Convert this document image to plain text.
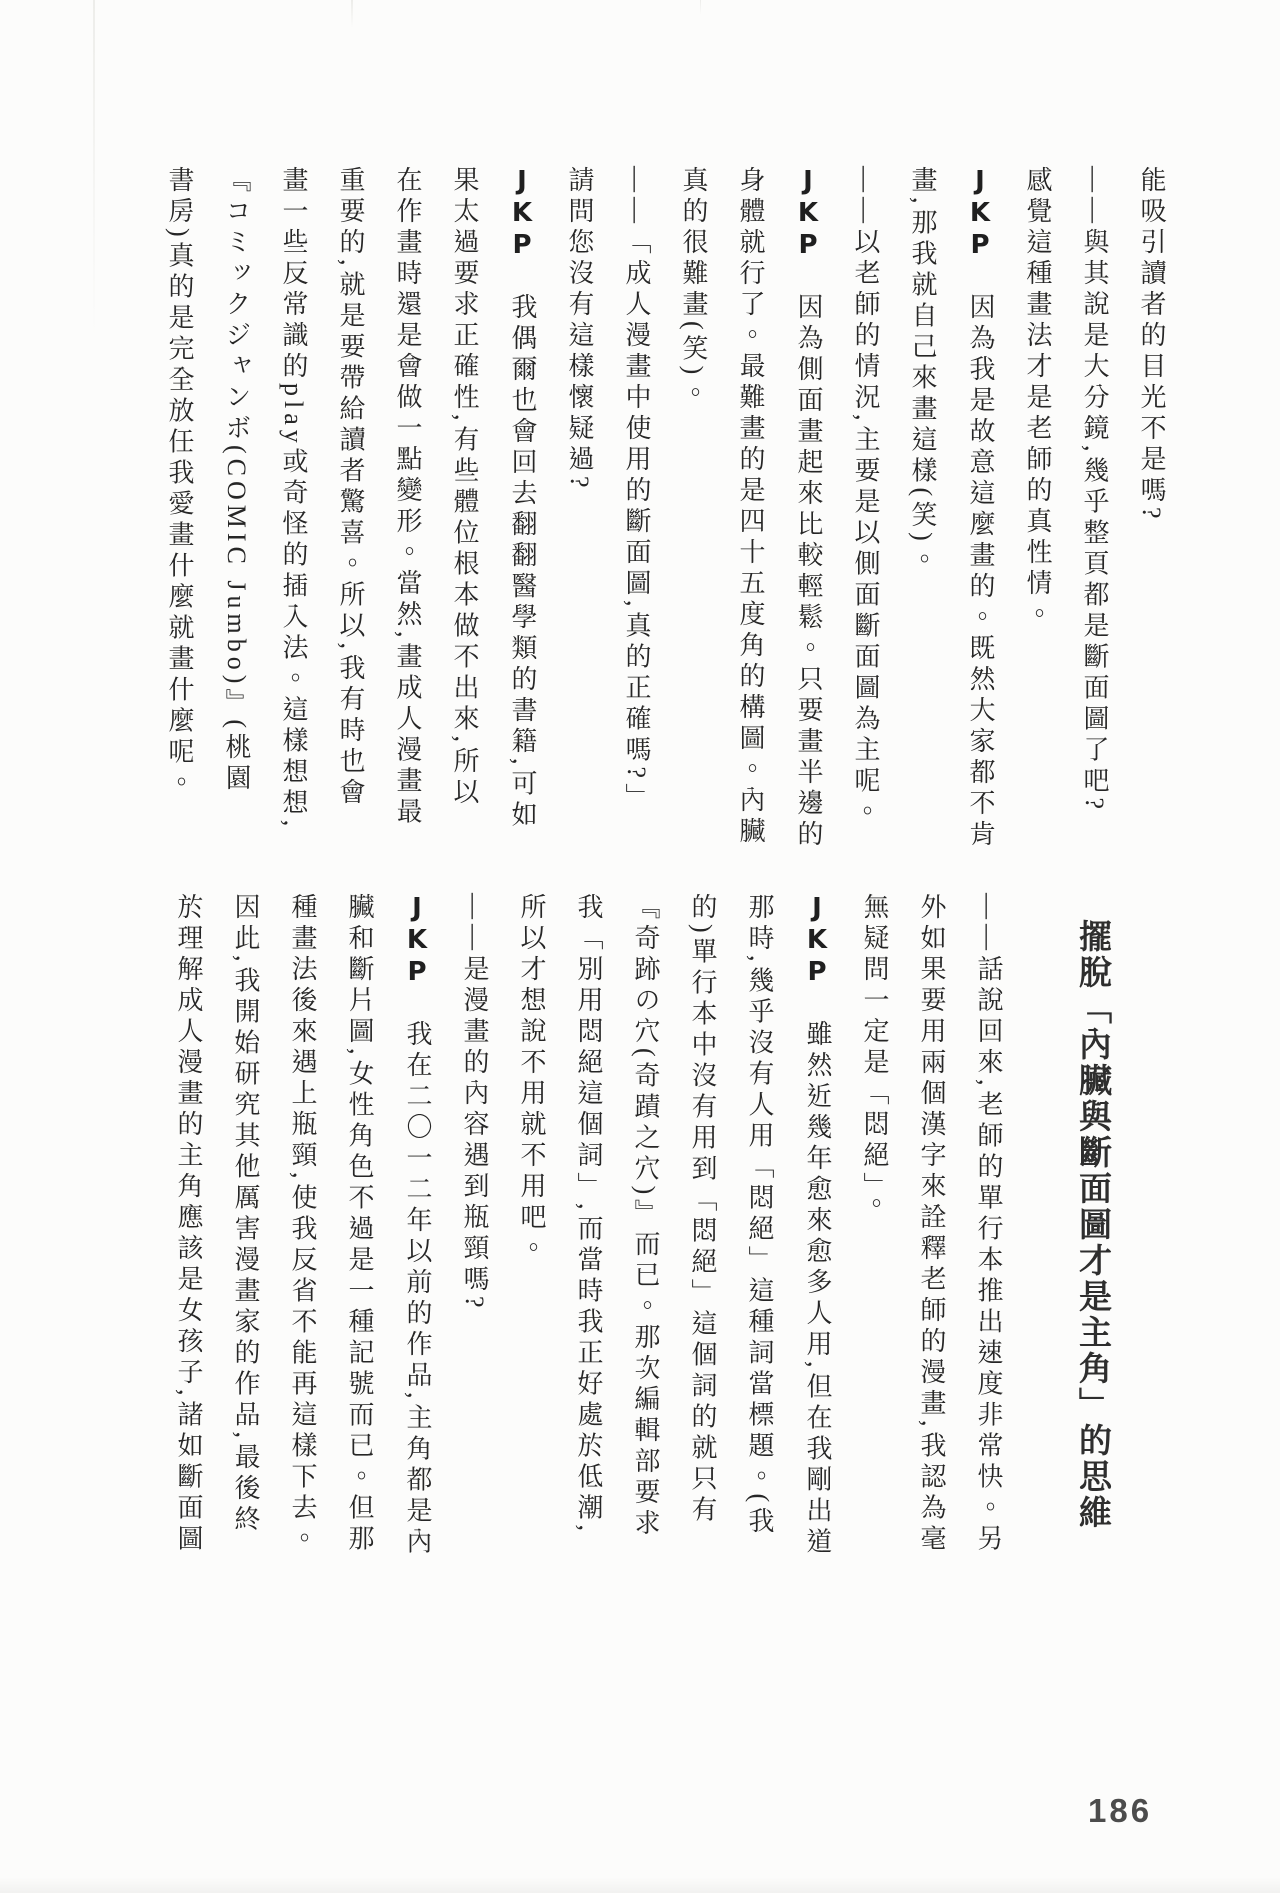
能吸引讀者的目光不是嗎?
——與其說是大分鏡,幾乎整頁都是斷面圖了吧?
感覺這種畫法才是老師的真性情。
JKP　因為我是故意這麼畫的。既然大家都不肯
畫,那我就自己來畫這樣(笑)。
——以老師的情況,主要是以側面斷面圖為主呢。
JKP　因為側面畫起來比較輕鬆。只要畫半邊的
身體就行了。最難畫的是四十五度角的構圖。內臟
真的很難畫(笑)。
——「成人漫畫中使用的斷面圖,真的正確嗎?」
請問您沒有這樣懷疑過?
JKP　我偶爾也會回去翻翻醫學類的書籍,可如
果太過要求正確性,有些體位根本做不出來,所以
在作畫時還是會做一點變形。當然,畫成人漫畫最
重要的,就是要帶給讀者驚喜。所以,我有時也會
畫一些反常識的play或奇怪的插入法。這樣想想,
『コミックジャンボ(COMIC Jumbo)』(桃園
書房)真的是完全放任我愛畫什麼就畫什麼呢。
擺脫「內臟與斷面圖才是主角」的思維
——話說回來,老師的單行本推出速度非常快。另
外如果要用兩個漢字來詮釋老師的漫畫,我認為毫
無疑問一定是「悶絕」。
JKP　雖然近幾年愈來愈多人用,但在我剛出道
那時,幾乎沒有人用「悶絕」這種詞當標題。(我
的)單行本中沒有用到「悶絕」這個詞的就只有
『奇跡の穴(奇蹟之穴)』而已。那次編輯部要求
我「別用悶絕這個詞」,而當時我正好處於低潮,
所以才想說不用就不用吧。
——是漫畫的內容遇到瓶頸嗎?
JKP　我在二〇一二年以前的作品,主角都是內
臟和斷片圖,女性角色不過是一種記號而已。但那
種畫法後來遇上瓶頸,使我反省不能再這樣下去。
因此,我開始研究其他厲害漫畫家的作品,最後終
於理解成人漫畫的主角應該是女孩子,諸如斷面圖
186
